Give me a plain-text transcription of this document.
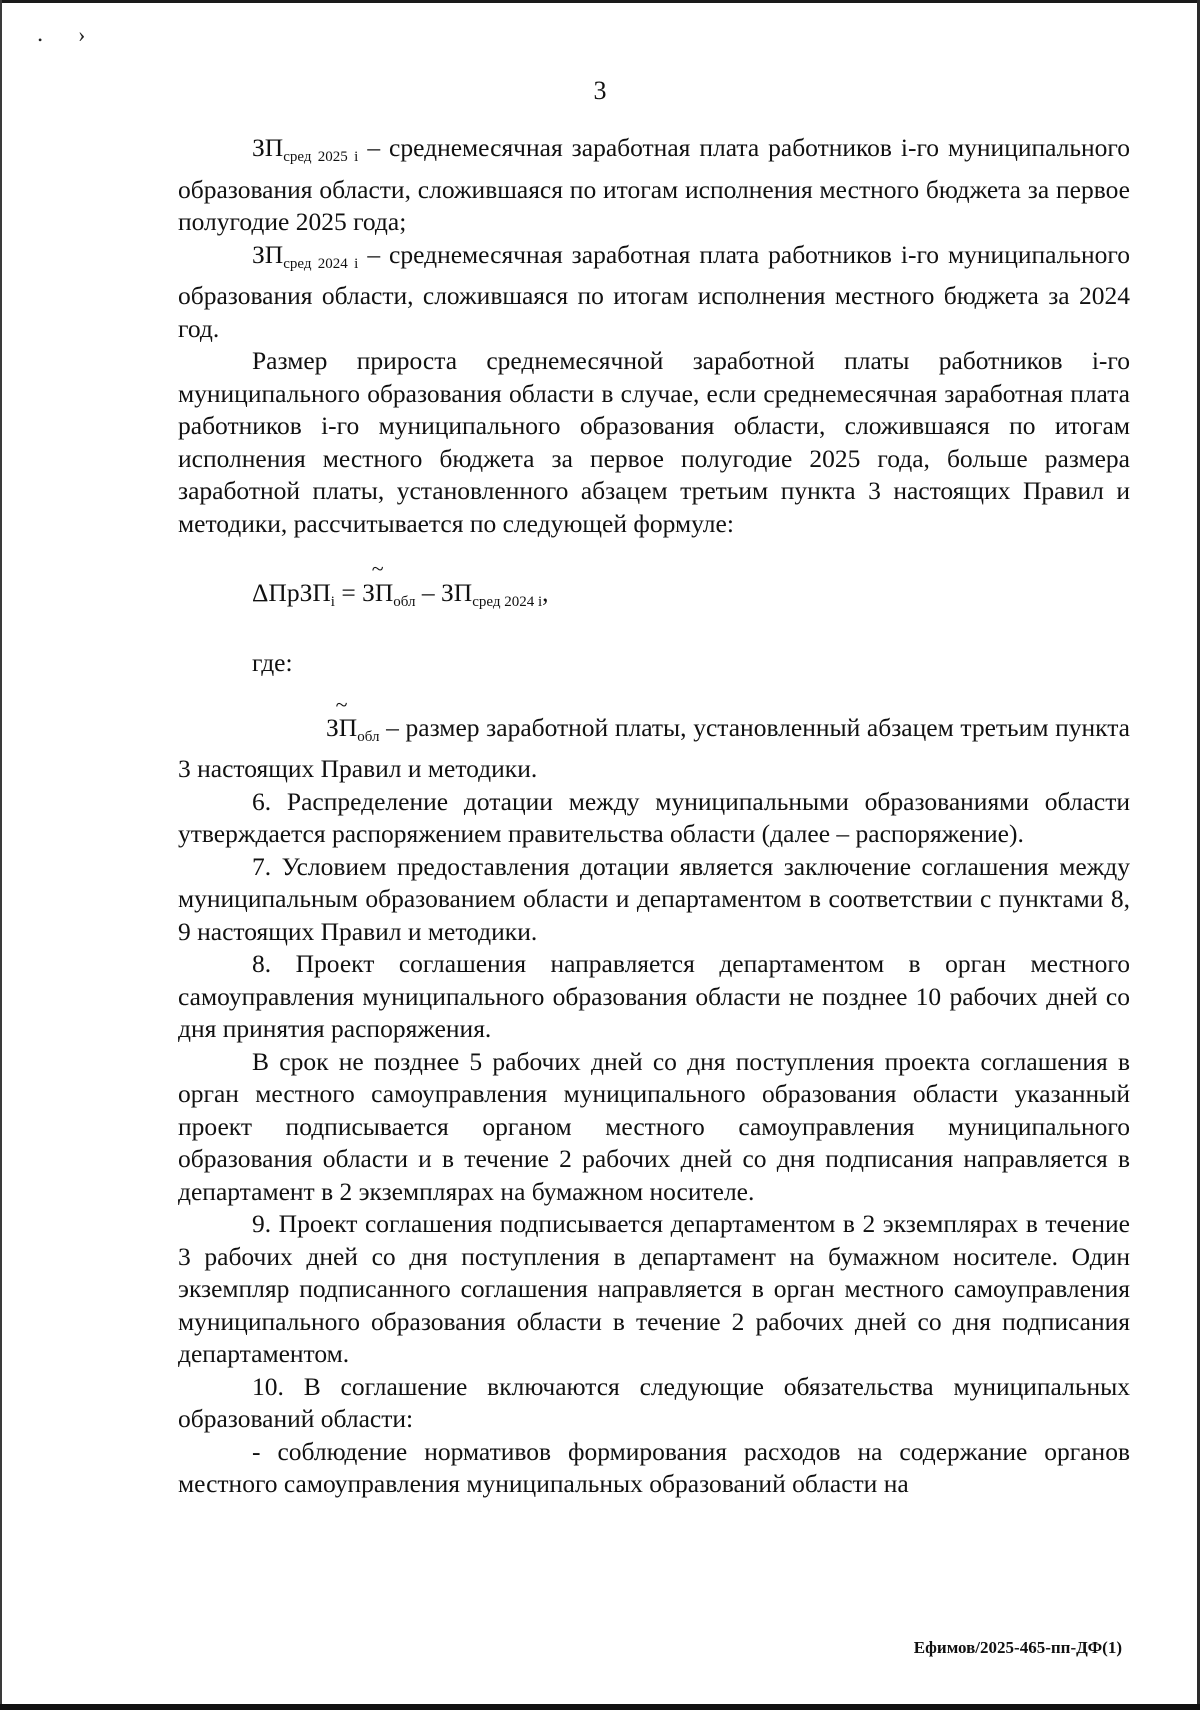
›
•
3

$ЗП_{сред 2025 i}$ – среднемесячная заработная плата работников i-го муниципального образования области, сложившаяся по итогам исполнения местного бюджета за первое полугодие 2025 года;

$ЗП_{сред 2024 i}$ – среднемесячная заработная плата работников i-го муниципального образования области, сложившаяся по итогам исполнения местного бюджета за 2024 год.

Размер прироста среднемесячной заработной платы работников i-го муниципального образования области в случае, если среднемесячная заработная плата работников i-го муниципального образования области, сложившаяся по итогам исполнения местного бюджета за первое полугодие 2025 года, больше размера заработной платы, установленного абзацем третьим пункта 3 настоящих Правил и методики, рассчитывается по следующей формуле:

ΔПрЗП$_i$ = ~ $ЗП_{обл} - ЗП_{сред 2024 i}$,
где:

~ $ЗП_{обл}$ – размер заработной платы, установленный абзацем третьим пункта 3 настоящих Правил и методики.

6. Распределение дотации между муниципальными образованиями области утверждается распоряжением правительства области (далее – распоряжение).

7. Условием предоставления дотации является заключение соглашения между муниципальным образованием области и департаментом в соответствии с пунктами 8, 9 настоящих Правил и методики.

8. Проект соглашения направляется департаментом в орган местного самоуправления муниципального образования области не позднее 10 рабочих дней со дня принятия распоряжения.

В срок не позднее 5 рабочих дней со дня поступления проекта соглашения в орган местного самоуправления муниципального образования области указанный проект подписывается органом местного самоуправления муниципального образования области и в течение 2 рабочих дней со дня подписания направляется в департамент в 2 экземплярах на бумажном носителе.

9. Проект соглашения подписывается департаментом в 2 экземплярах в течение 3 рабочих дней со дня поступления в департамент на бумажном носителе. Один экземпляр подписанного соглашения направляется в орган местного самоуправления муниципального образования области в течение 2 рабочих дней со дня подписания департаментом.

10. В соглашение включаются следующие обязательства муниципальных образований области:

- соблюдение нормативов формирования расходов на содержание органов местного самоуправления муниципальных образований области на

Ефимов/2025-465-пп-ДФ(1)
